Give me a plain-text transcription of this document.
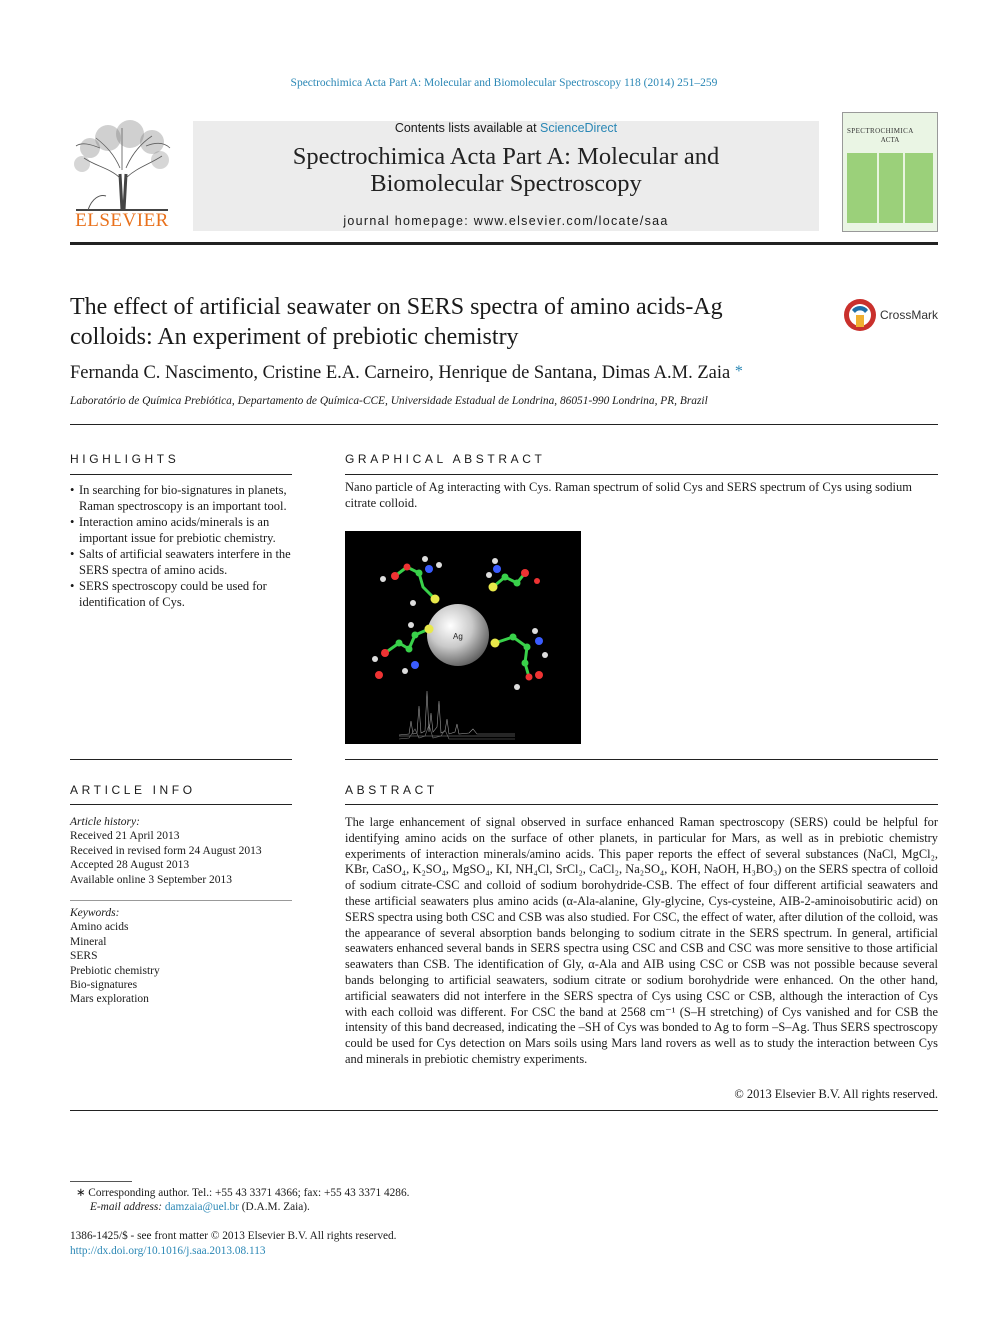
Spectrochimica Acta Part A: Molecular and Biomolecular Spectroscopy 118 (2014) 251–259
ELSEVIER
Contents lists available at ScienceDirect
Spectrochimica Acta Part A: Molecular and
Biomolecular Spectroscopy
journal homepage: www.elsevier.com/locate/saa
SPECTROCHIMICA
ACTA
The effect of artificial seawater on SERS spectra of amino acids-Ag
colloids: An experiment of prebiotic chemistry
CrossMark
Fernanda C. Nascimento, Cristine E.A. Carneiro, Henrique de Santana, Dimas A.M. Zaia *
Laboratório de Química Prebiótica, Departamento de Química-CCE, Universidade Estadual de Londrina, 86051-990 Londrina, PR, Brazil
HIGHLIGHTS
• In searching for bio-signatures in planets, Raman spectroscopy is an important tool.
• Interaction amino acids/minerals is an important issue for prebiotic chemistry.
• Salts of artificial seawaters interfere in the SERS spectra of amino acids.
• SERS spectroscopy could be used for identification of Cys.
GRAPHICAL ABSTRACT
Nano particle of Ag interacting with Cys. Raman spectrum of solid Cys and SERS spectrum of Cys using sodium citrate colloid.
Ag
ARTICLE INFO
Article history:
Received 21 April 2013
Received in revised form 24 August 2013
Accepted 28 August 2013
Available online 3 September 2013
Keywords:
Amino acids
Mineral
SERS
Prebiotic chemistry
Bio-signatures
Mars exploration
ABSTRACT
The large enhancement of signal observed in surface enhanced Raman spectroscopy (SERS) could be helpful for identifying amino acids on the surface of other planets, in particular for Mars, as well as in prebiotic chemistry experiments of interaction minerals/amino acids. This paper reports the effect of several substances (NaCl, MgCl₂, KBr, CaSO₄, K₂SO₄, MgSO₄, KI, NH₄Cl, SrCl₂, CaCl₂, Na₂SO₄, KOH, NaOH, H₃BO₃) on the SERS spectra of colloid of sodium citrate-CSC and colloid of sodium borohydride-CSB. The effect of four different artificial seawaters and these artificial seawaters plus amino acids (α-Ala-alanine, Gly-glycine, Cys-cysteine, AIB-2-aminoisobutiric acid) on SERS spectra using both CSC and CSB was also studied. For CSC, the effect of water, after dilution of the colloid, was the appearance of several absorption bands belonging to sodium citrate in the SERS spectrum. In general, artificial seawaters enhanced several bands in SERS spectra using CSC and CSB and CSC was more sensitive to those artificial seawaters than CSB. The identification of Gly, α-Ala and AIB using CSC or CSB was not possible because several bands belonging to artificial seawaters, sodium citrate or sodium borohydride were enhanced. On the other hand, artificial seawaters did not interfere in the SERS spectra of Cys using CSC or CSB, although the interaction of Cys with each colloid was different. For CSC the band at 2568 cm⁻¹ (S–H stretching) of Cys vanished and for CSB the intensity of this band decreased, indicating the –SH of Cys was bonded to Ag to form –S–Ag. Thus SERS spectroscopy could be used for Cys detection on Mars soils using Mars land rovers as well as to study the interaction between Cys and minerals in prebiotic chemistry experiments.
© 2013 Elsevier B.V. All rights reserved.
∗ Corresponding author. Tel.: +55 43 3371 4366; fax: +55 43 3371 4286.
E-mail address: damzaia@uel.br (D.A.M. Zaia).
1386-1425/$ - see front matter © 2013 Elsevier B.V. All rights reserved.
http://dx.doi.org/10.1016/j.saa.2013.08.113
